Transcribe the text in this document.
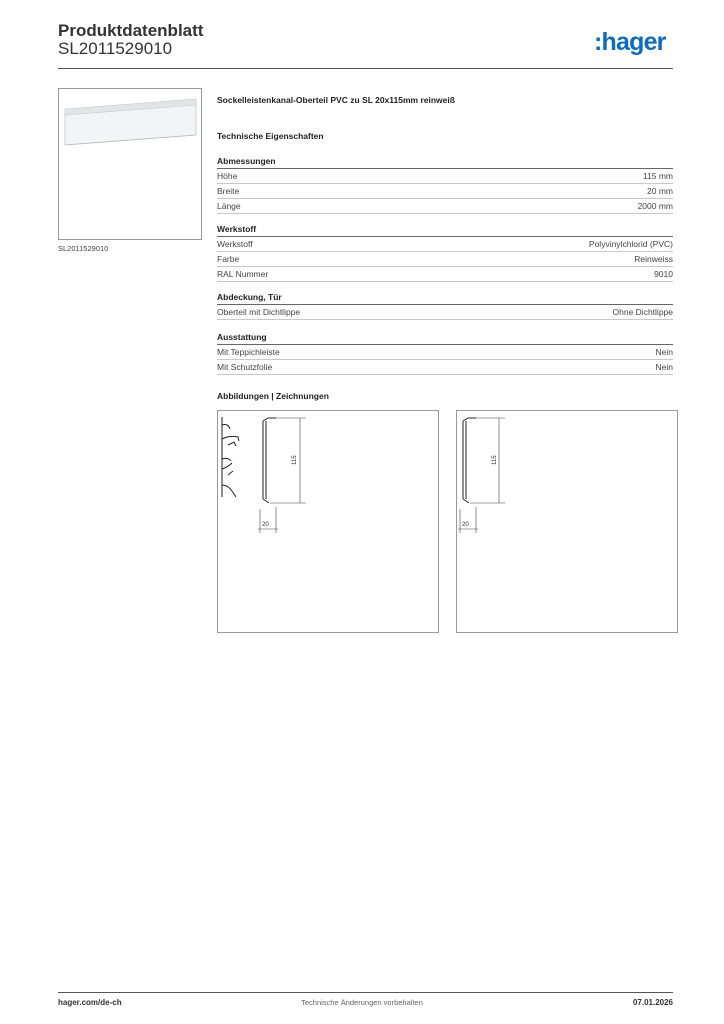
Produktdatenblatt
SL2011529010	:hager
SL2011529010
Sockelleistenkanal-Oberteil PVC zu SL 20x115mm reinweiß
Technische Eigenschaften
Abmessungen
Höhe	115 mm
Breite	20 mm
Länge	2000 mm
Werkstoff
Werkstoff	Polyvinylchlorid (PVC)
Farbe	Reinweiss
RAL Nummer	9010
Abdeckung, Tür
Oberteil mit Dichtlippe	Ohne Dichtlippe
Ausstattung
Mit Teppichleiste	Nein
Mit Schutzfolie	Nein
Abbildungen | Zeichnungen
115
20
115
20
hager.com/de-ch	Technische Änderungen vorbehalten	07.01.2026
